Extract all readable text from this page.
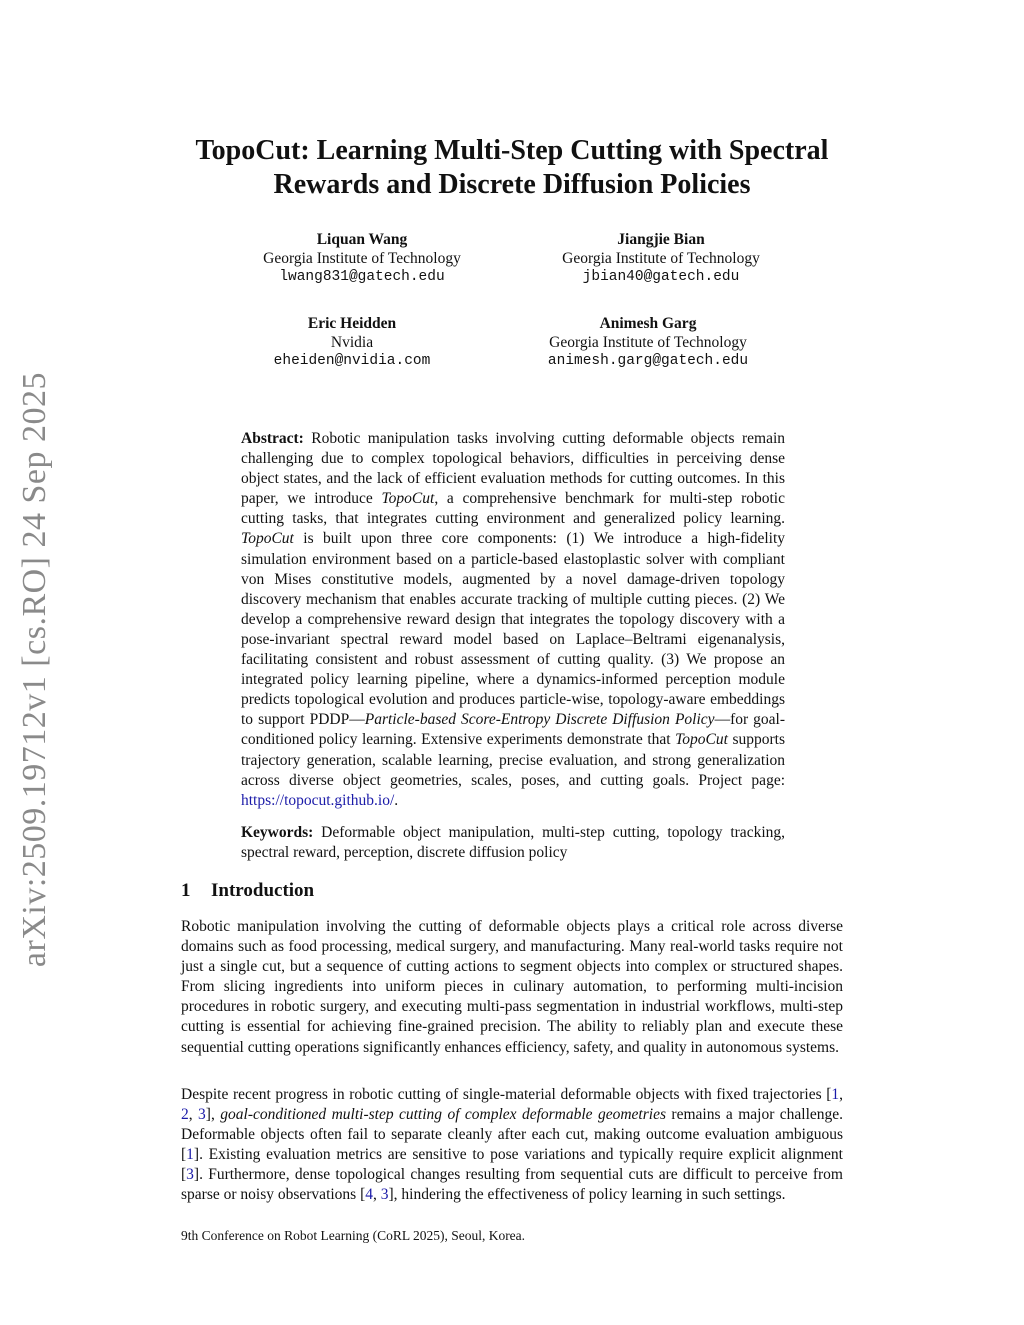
arXiv:2509.19712v1 [cs.RO] 24 Sep 2025
TopoCut: Learning Multi-Step Cutting with Spectral
Rewards and Discrete Diffusion Policies
Liquan Wang
Georgia Institute of Technology
lwang831@gatech.edu
Jiangjie Bian
Georgia Institute of Technology
jbian40@gatech.edu
Eric Heidden
Nvidia
eheiden@nvidia.com
Animesh Garg
Georgia Institute of Technology
animesh.garg@gatech.edu
Abstract: Robotic manipulation tasks involving cutting deformable objects remain challenging due to complex topological behaviors, difficulties in perceiving dense object states, and the lack of efficient evaluation methods for cutting outcomes. In this paper, we introduce TopoCut, a comprehensive benchmark for multi-step robotic cutting tasks, that integrates cutting environment and generalized policy learning. TopoCut is built upon three core components: (1) We introduce a high-fidelity simulation environment based on a particle-based elastoplastic solver with compliant von Mises constitutive models, augmented by a novel damage-driven topology discovery mechanism that enables accurate tracking of multiple cutting pieces. (2) We develop a comprehensive reward design that integrates the topology discovery with a pose-invariant spectral reward model based on Laplace–Beltrami eigenanalysis, facilitating consistent and robust assessment of cutting quality. (3) We propose an integrated policy learning pipeline, where a dynamics-informed perception module predicts topological evolution and produces particle-wise, topology-aware embeddings to support PDDP—Particle-based Score-Entropy Discrete Diffusion Policy—for goal-conditioned policy learning. Extensive experiments demonstrate that TopoCut supports trajectory generation, scalable learning, precise evaluation, and strong generalization across diverse object geometries, scales, poses, and cutting goals. Project page: https://topocut.github.io/.
Keywords: Deformable object manipulation, multi-step cutting, topology tracking, spectral reward, perception, discrete diffusion policy
1 Introduction
Robotic manipulation involving the cutting of deformable objects plays a critical role across diverse domains such as food processing, medical surgery, and manufacturing. Many real-world tasks require not just a single cut, but a sequence of cutting actions to segment objects into complex or structured shapes. From slicing ingredients into uniform pieces in culinary automation, to performing multi-incision procedures in robotic surgery, and executing multi-pass segmentation in industrial workflows, multi-step cutting is essential for achieving fine-grained precision. The ability to reliably plan and execute these sequential cutting operations significantly enhances efficiency, safety, and quality in autonomous systems.
Despite recent progress in robotic cutting of single-material deformable objects with fixed trajectories [1, 2, 3], goal-conditioned multi-step cutting of complex deformable geometries remains a major challenge. Deformable objects often fail to separate cleanly after each cut, making outcome evaluation ambiguous [1]. Existing evaluation metrics are sensitive to pose variations and typically require explicit alignment [3]. Furthermore, dense topological changes resulting from sequential cuts are difficult to perceive from sparse or noisy observations [4, 3], hindering the effectiveness of policy learning in such settings.
9th Conference on Robot Learning (CoRL 2025), Seoul, Korea.
